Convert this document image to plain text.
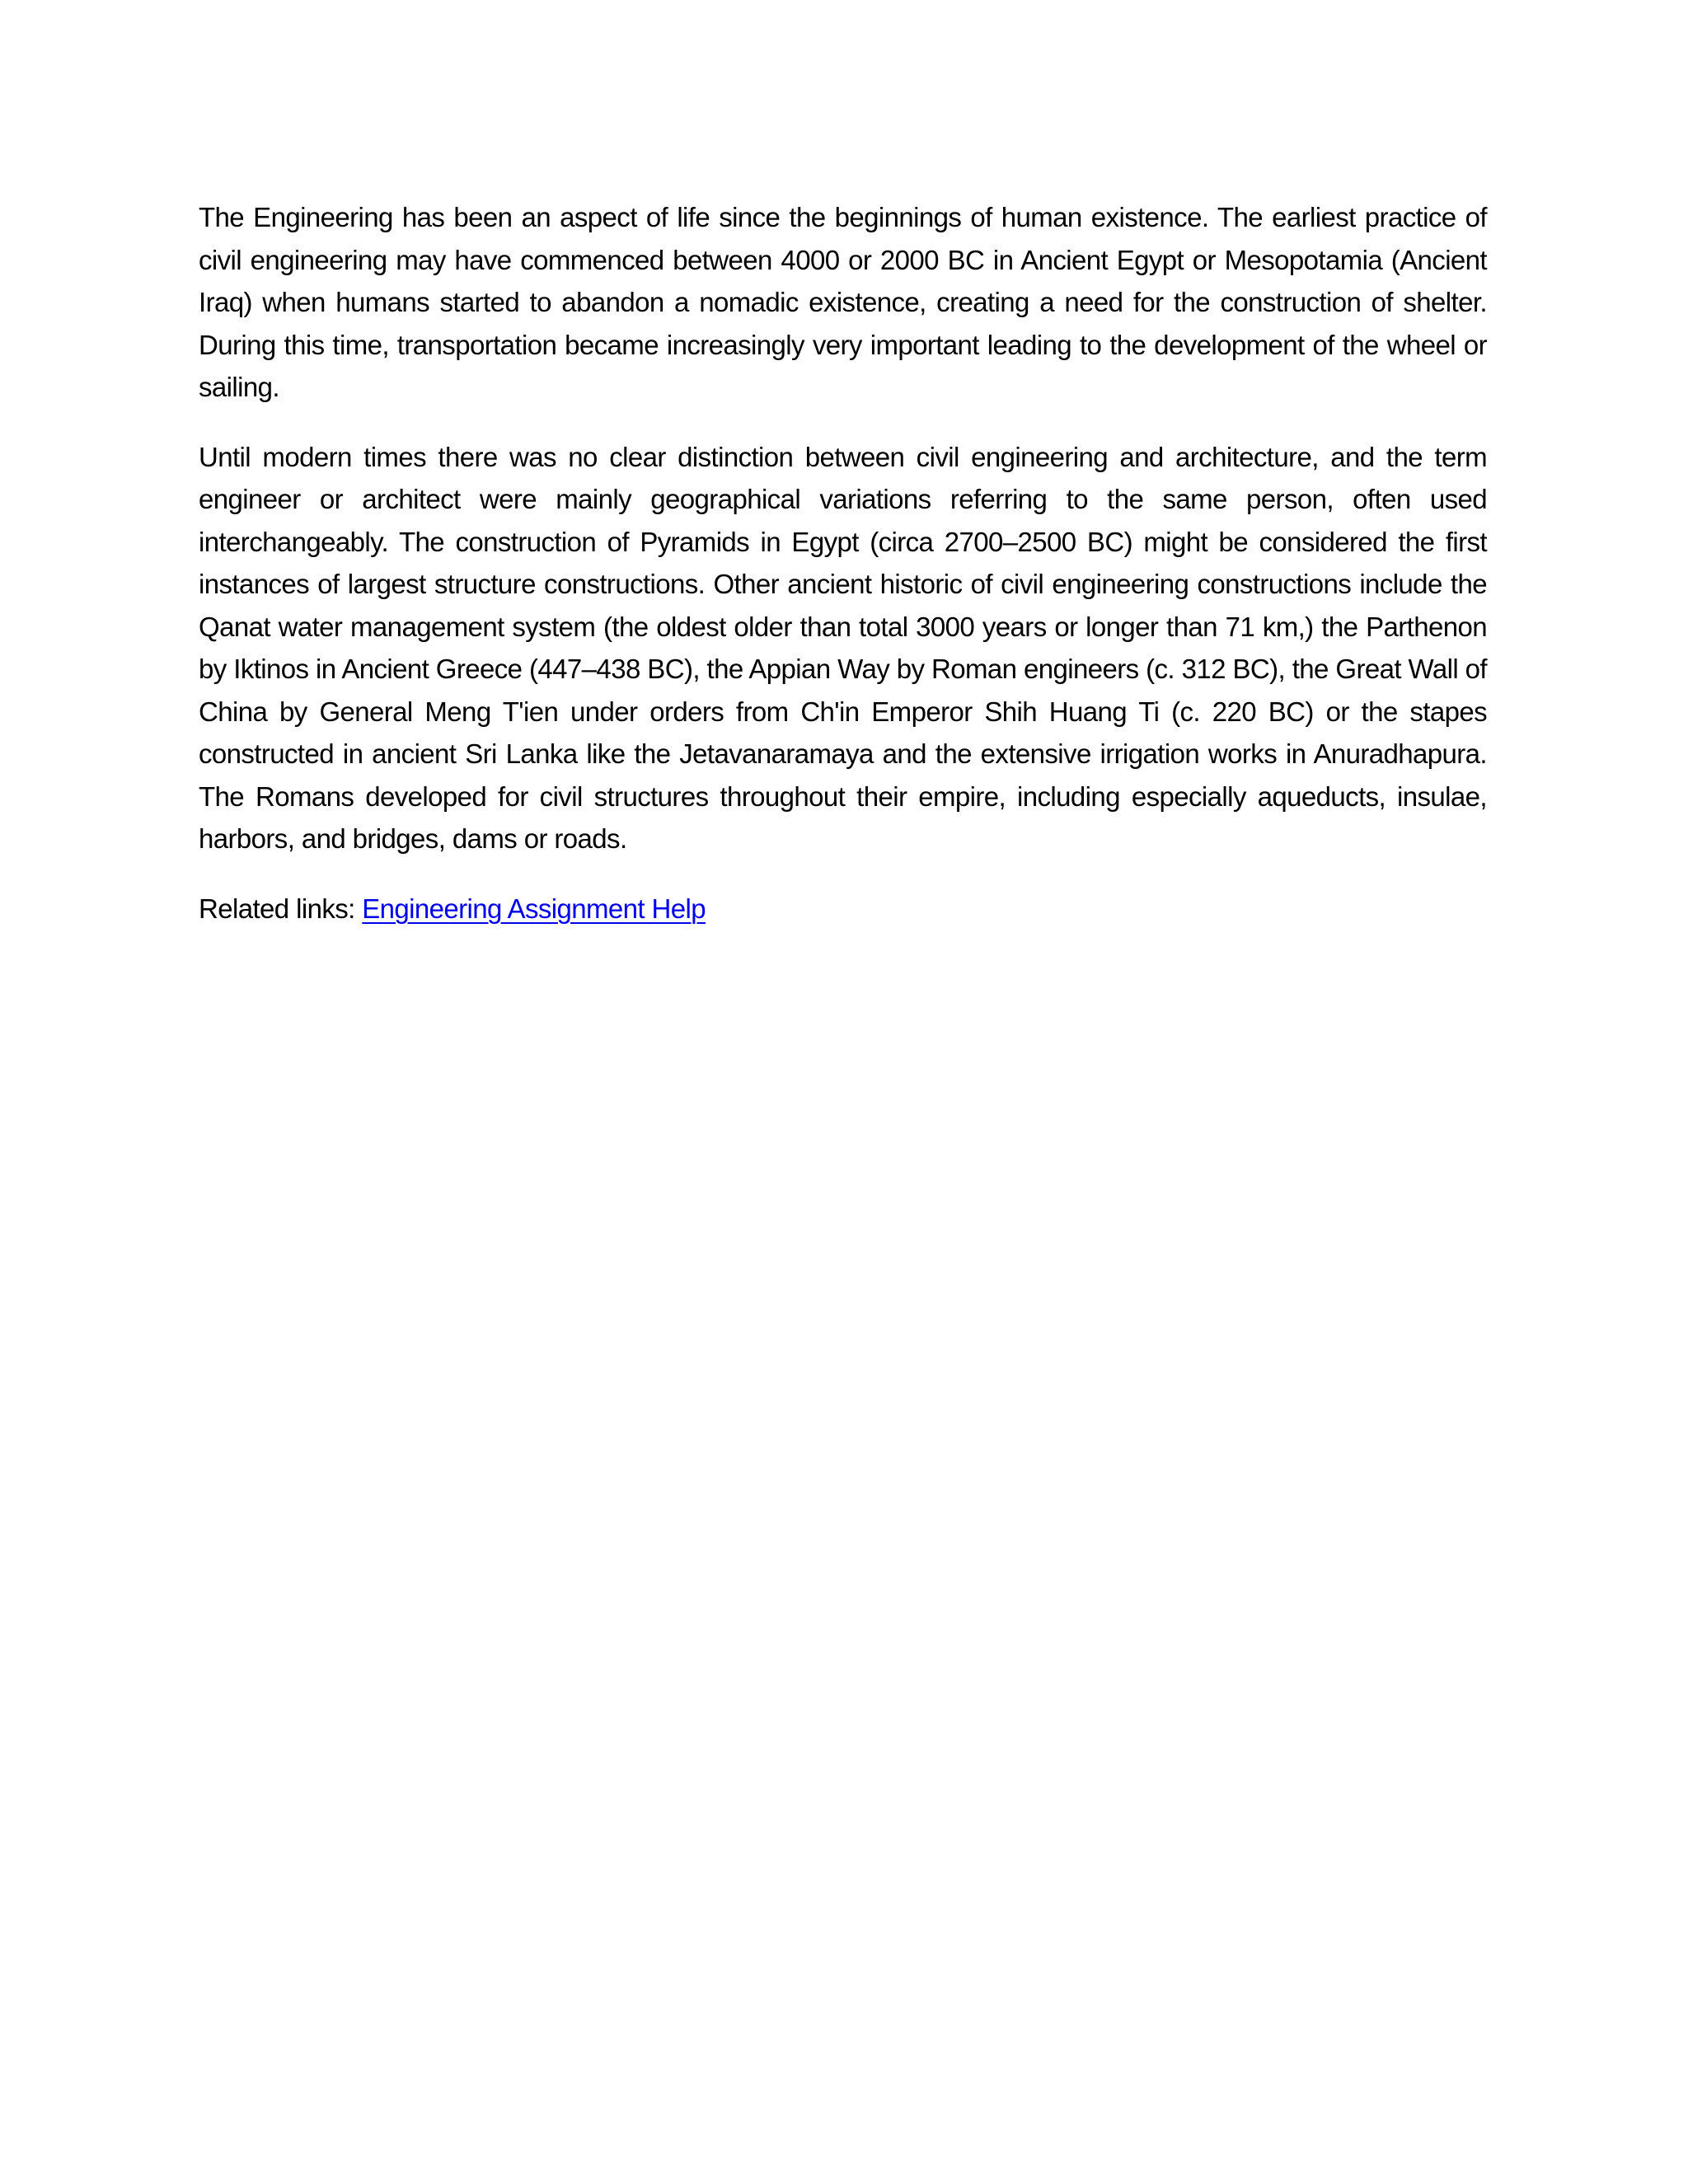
The Engineering has been an aspect of life since the beginnings of human existence. The earliest practice of civil engineering may have commenced between 4000 or 2000 BC in Ancient Egypt or Mesopotamia (Ancient Iraq) when humans started to abandon a nomadic existence, creating a need for the construction of shelter. During this time, transportation became increasingly very important leading to the development of the wheel or sailing.

Until modern times there was no clear distinction between civil engineering and architecture, and the term engineer or architect were mainly geographical variations referring to the same person, often used interchangeably. The construction of Pyramids in Egypt (circa 2700–2500 BC) might be considered the first instances of largest structure constructions. Other ancient historic of civil engineering constructions include the Qanat water management system (the oldest older than total 3000 years or longer than 71 km,) the Parthenon by Iktinos in Ancient Greece (447–438 BC), the Appian Way by Roman engineers (c. 312 BC), the Great Wall of China by General Meng T'ien under orders from Ch'in Emperor Shih Huang Ti (c. 220 BC) or the stapes constructed in ancient Sri Lanka like the Jetavanaramaya and the extensive irrigation works in Anuradhapura. The Romans developed for civil structures throughout their empire, including especially aqueducts, insulae, harbors, and bridges, dams or roads.

Related links: Engineering Assignment Help
